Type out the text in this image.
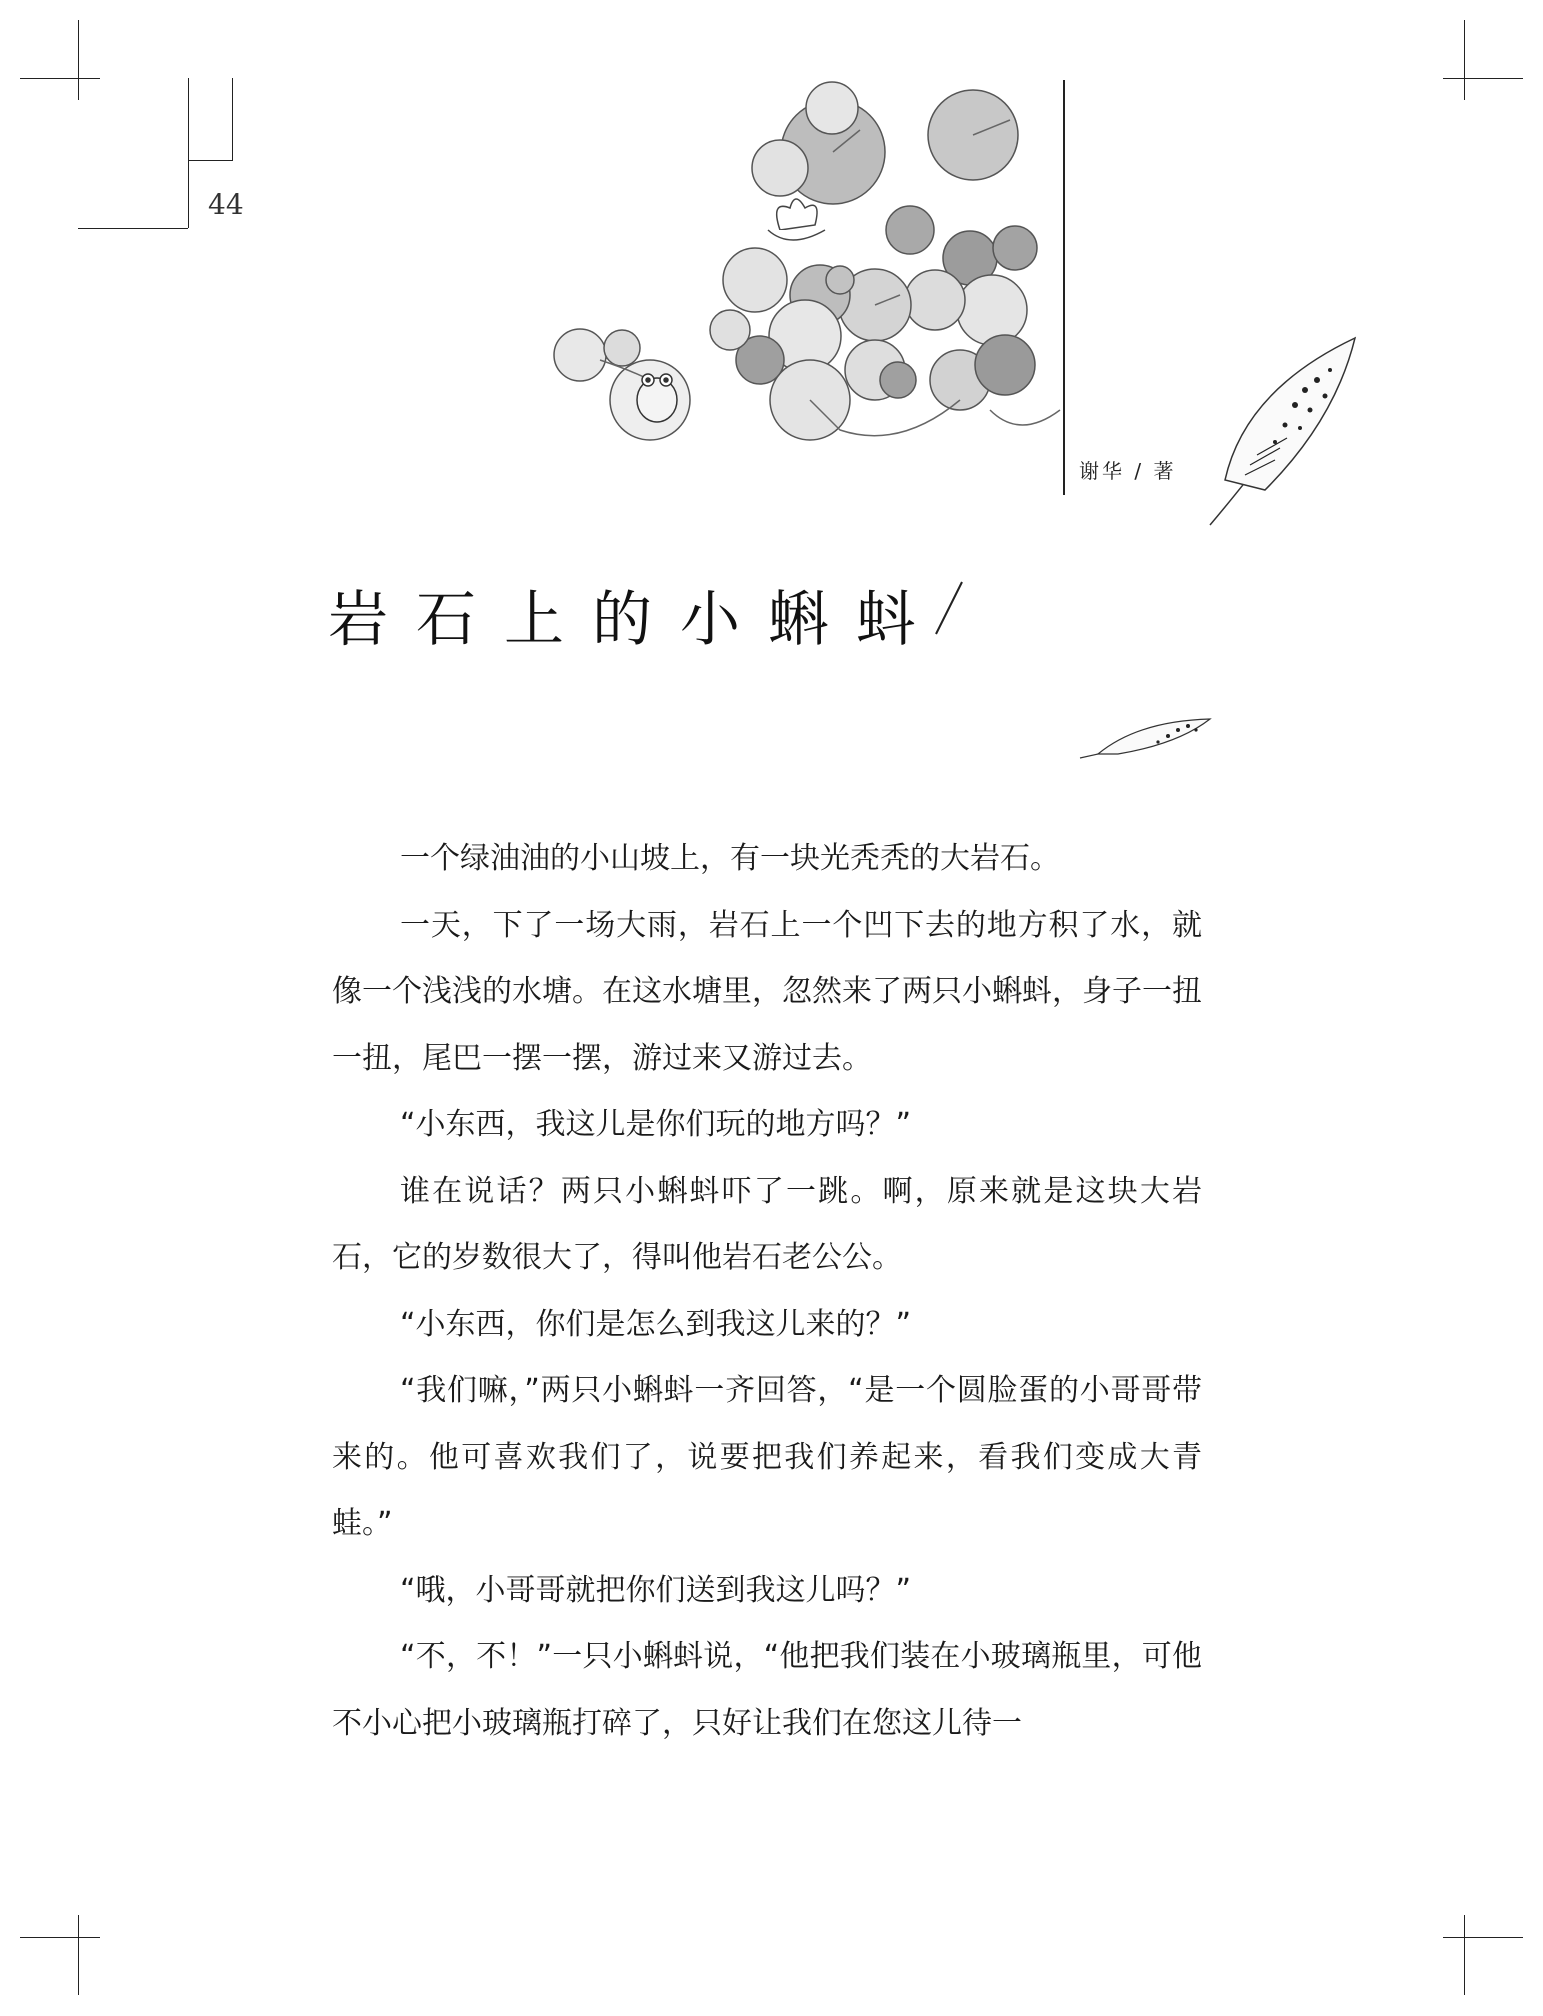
44
谢华 / 著
岩石上的小蝌蚪

一个绿油油的小山坡上，有一块光秃秃的大岩石。

一天，下了一场大雨，岩石上一个凹下去的地方积了水，就像一个浅浅的水塘。在这水塘里，忽然来了两只小蝌蚪，身子一扭一扭，尾巴一摆一摆，游过来又游过去。

“小东西，我这儿是你们玩的地方吗？”

谁在说话？两只小蝌蚪吓了一跳。啊，原来就是这块大岩石，它的岁数很大了，得叫他岩石老公公。

“小东西，你们是怎么到我这儿来的？”

“我们嘛，”两只小蝌蚪一齐回答，“是一个圆脸蛋的小哥哥带来的。他可喜欢我们了，说要把我们养起来，看我们变成大青蛙。”

“哦，小哥哥就把你们送到我这儿吗？”

“不，不！”一只小蝌蚪说，“他把我们装在小玻璃瓶里，可他不小心把小玻璃瓶打碎了，只好让我们在您这儿待一
